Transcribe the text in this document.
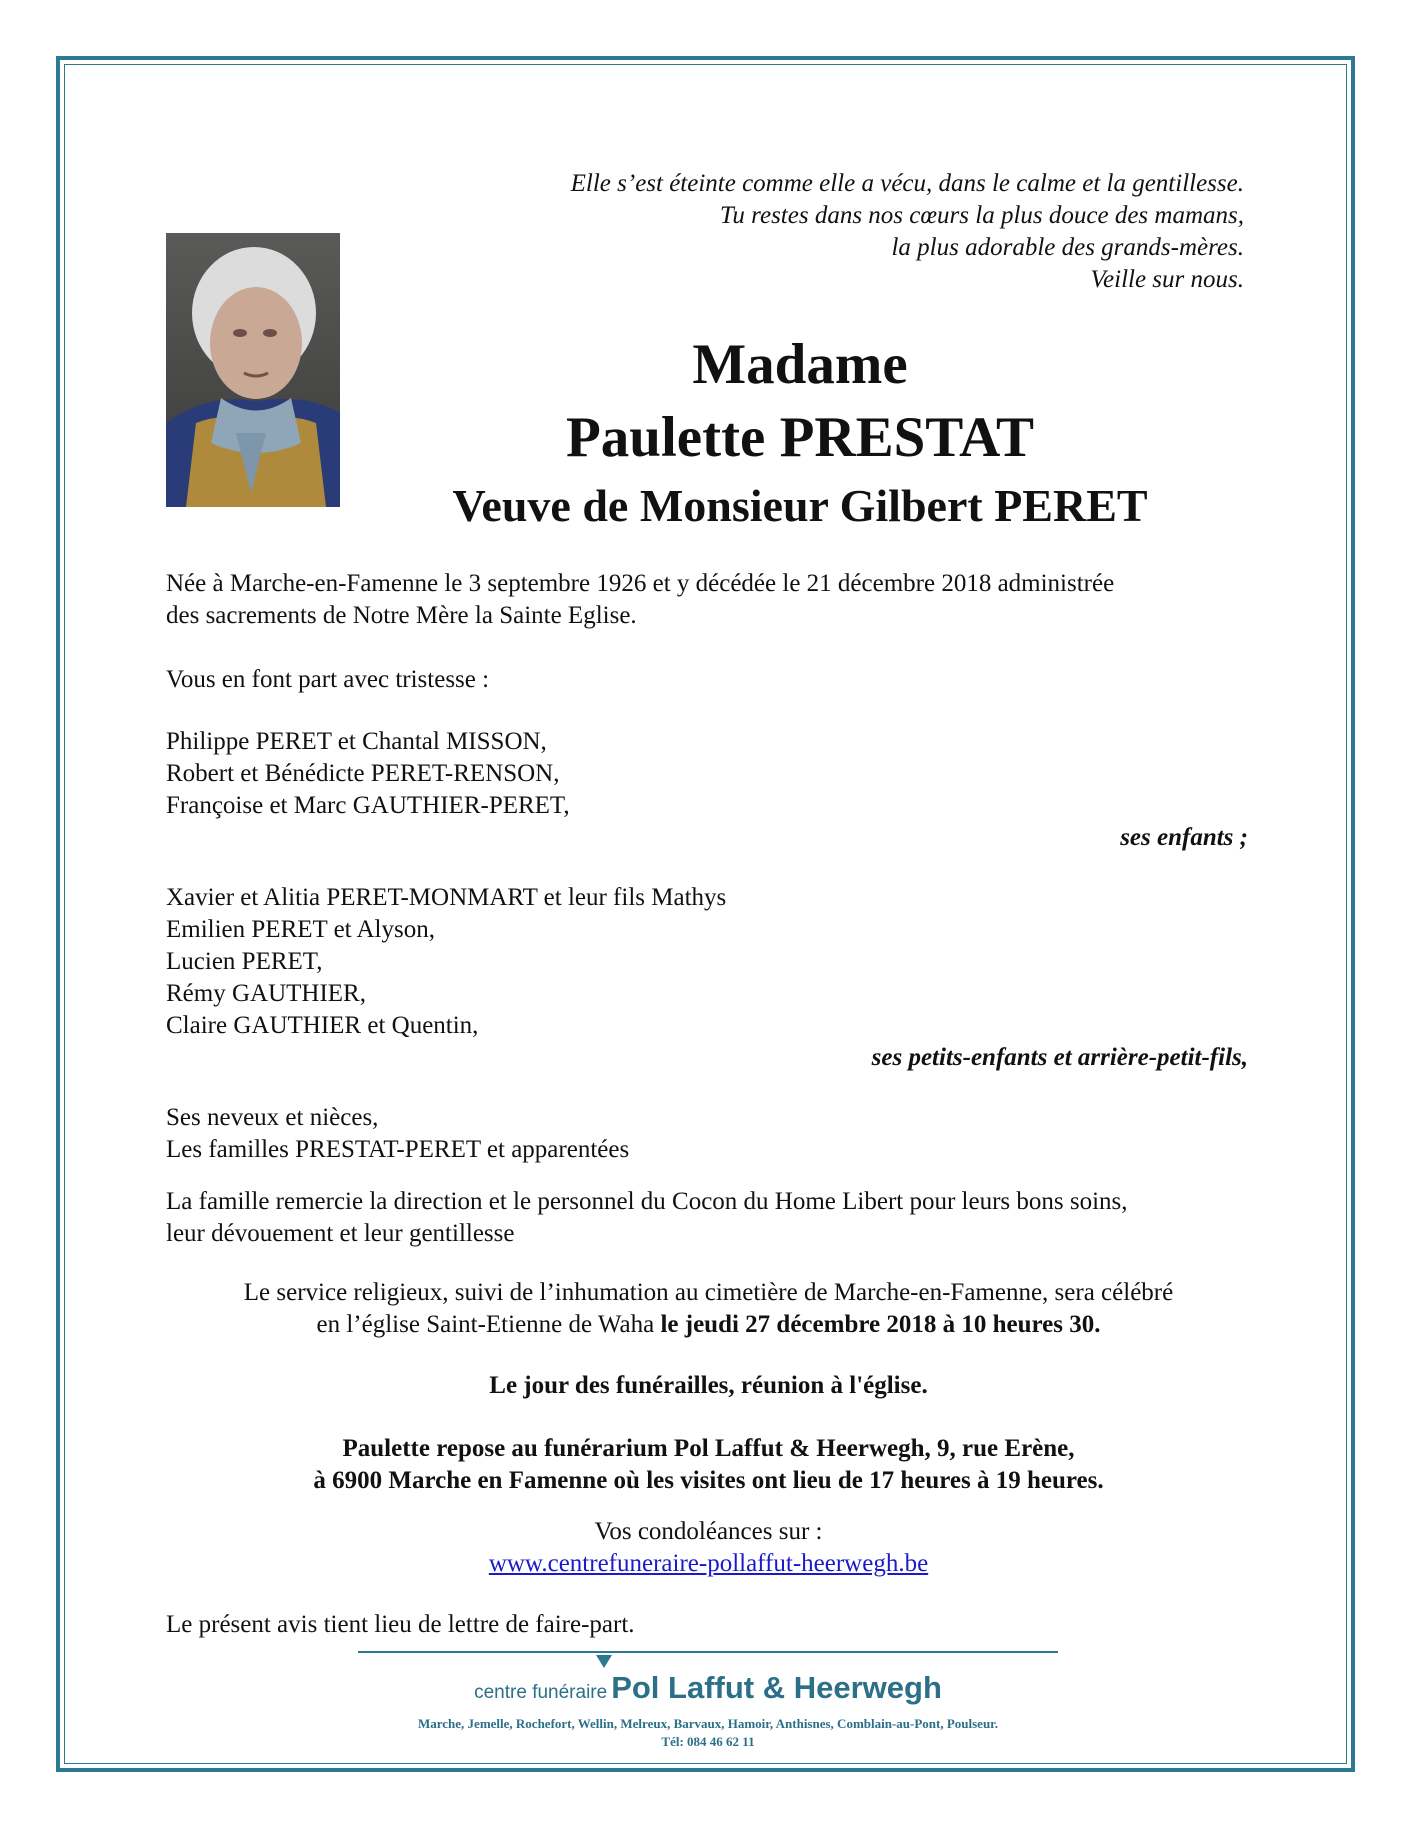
Elle s’est éteinte comme elle a vécu, dans le calme et la gentillesse.
Tu restes dans nos cœurs la plus douce des mamans,
la plus adorable des grands-mères.
Veille sur nous.
Madame
Paulette PRESTAT
Veuve de Monsieur Gilbert PERET
Née à Marche-en-Famenne le 3 septembre 1926 et y décédée le 21 décembre 2018 administrée
des sacrements de Notre Mère la Sainte Eglise.
Vous en font part avec tristesse :
Philippe PERET et Chantal MISSON,
Robert et Bénédicte PERET-RENSON,
Françoise et Marc GAUTHIER-PERET,
ses enfants ;
Xavier et Alitia PERET-MONMART et leur fils Mathys
Emilien PERET et Alyson,
Lucien PERET,
Rémy GAUTHIER,
Claire GAUTHIER et Quentin,
ses petits-enfants et arrière-petit-fils,
Ses neveux et nièces,
Les familles PRESTAT-PERET et apparentées
La famille remercie la direction et le personnel du Cocon du Home Libert pour leurs bons soins,
leur dévouement et leur gentillesse
Le service religieux, suivi de l’inhumation au cimetière de Marche-en-Famenne, sera célébré
en l’église Saint-Etienne de Waha le jeudi 27 décembre 2018 à 10 heures 30.
Le jour des funérailles, réunion à l'église.
Paulette repose au funérarium Pol Laffut & Heerwegh, 9, rue Erène,
à 6900 Marche en Famenne où les visites ont lieu de 17 heures à 19 heures.
Vos condoléances sur :
www.centrefuneraire-pollaffut-heerwegh.be
Le présent avis tient lieu de lettre de faire-part.
centre funéraire Pol Laffut & Heerwegh
Marche, Jemelle, Rochefort, Wellin, Melreux, Barvaux, Hamoir, Anthisnes, Comblain-au-Pont, Poulseur.
Tél: 084 46 62 11
